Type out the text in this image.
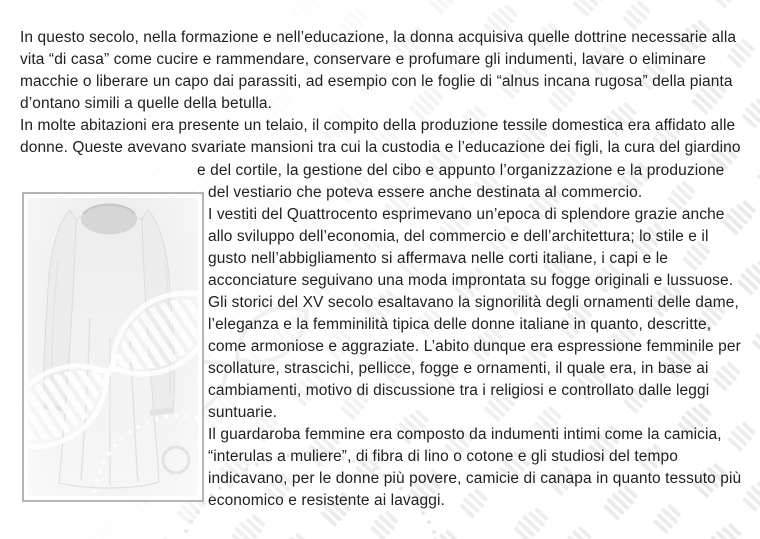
In questo secolo, nella formazione e nell’educazione, la donna acquisiva quelle dottrine necessarie alla
vita “di casa” come cucire e rammendare, conservare e profumare gli indumenti, lavare o eliminare
macchie o liberare un capo dai parassiti, ad esempio con le foglie di “alnus incana rugosa” della pianta
d’ontano simili a quelle della betulla.
In molte abitazioni era presente un telaio, il compito della produzione tessile domestica era affidato alle
donne. Queste avevano svariate mansioni tra cui la custodia e l’educazione dei figli, la cura del giardino
e del cortile, la gestione del cibo e appunto l’organizzazione e la produzione
del vestiario che poteva essere anche destinata al commercio.
I vestiti del Quattrocento esprimevano un’epoca di splendore grazie anche
allo sviluppo dell’economia, del commercio e dell’architettura; lo stile e il
gusto nell’abbigliamento si affermava nelle corti italiane, i capi e le
acconciature seguivano una moda improntata su fogge originali e lussuose.
Gli storici del XV secolo esaltavano la signorilità degli ornamenti delle dame,
l’eleganza e la femminilità tipica delle donne italiane in quanto, descritte,
come armoniose e aggraziate. L’abito dunque era espressione femminile per
scollature, strascichi, pellicce, fogge e ornamenti, il quale era, in base ai
cambiamenti, motivo di discussione tra i religiosi e controllato dalle leggi
suntuarie.
Il guardaroba femmine era composto da indumenti intimi come la camicia,
“interulas a muliere”, di fibra di lino o cotone e gli studiosi del tempo
indicavano, per le donne più povere, camicie di canapa in quanto tessuto più
economico e resistente ai lavaggi.
